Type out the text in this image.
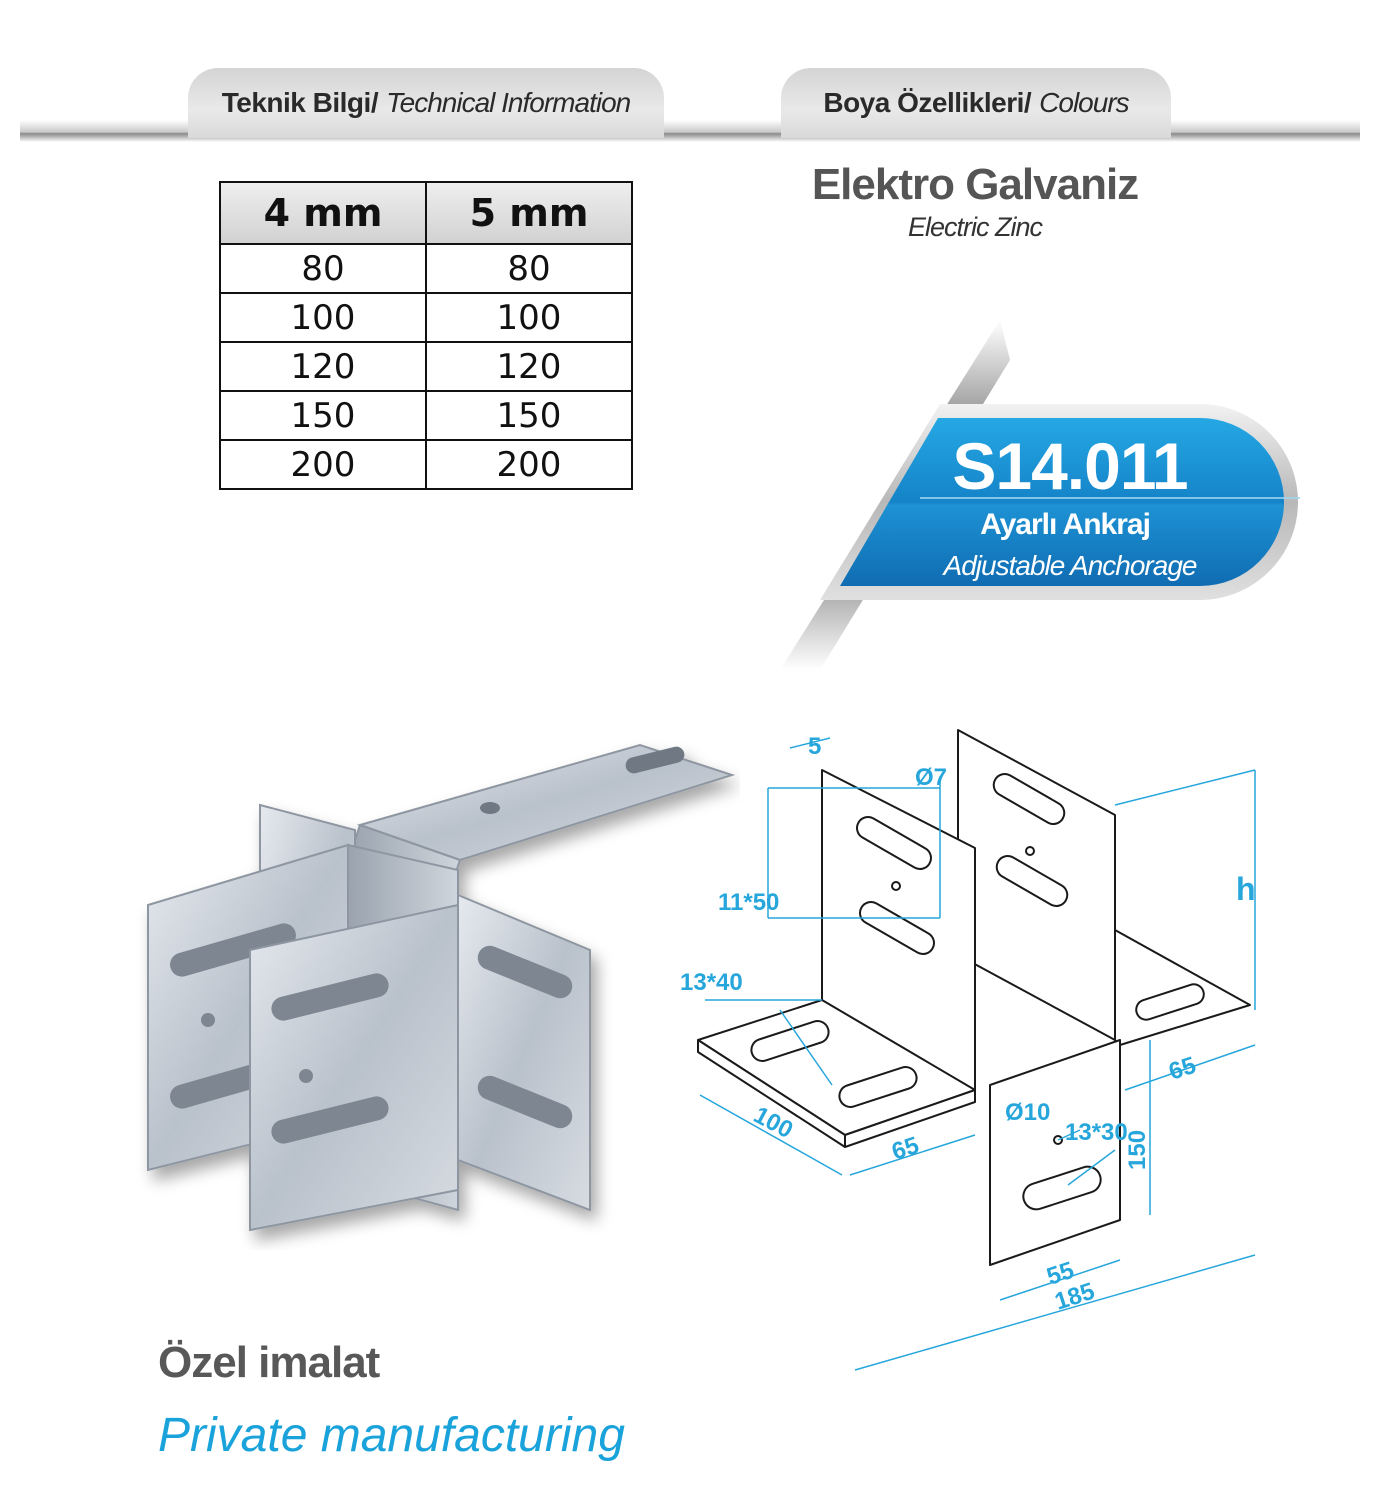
Teknik Bilgi/ Technical Information	Boya Özellikleri/ Colours
4 mm	5 mm
80	80
100	100
120	120
150	150
200	200
Elektro Galvaniz
Electric Zinc
S14.011
Ayarlı Ankraj
Adjustable Anchorage
5
Ø7
11*50	h
13*40
100
65
65
Ø10
13*30
150
55
185
Özel imalat
Private manufacturing
